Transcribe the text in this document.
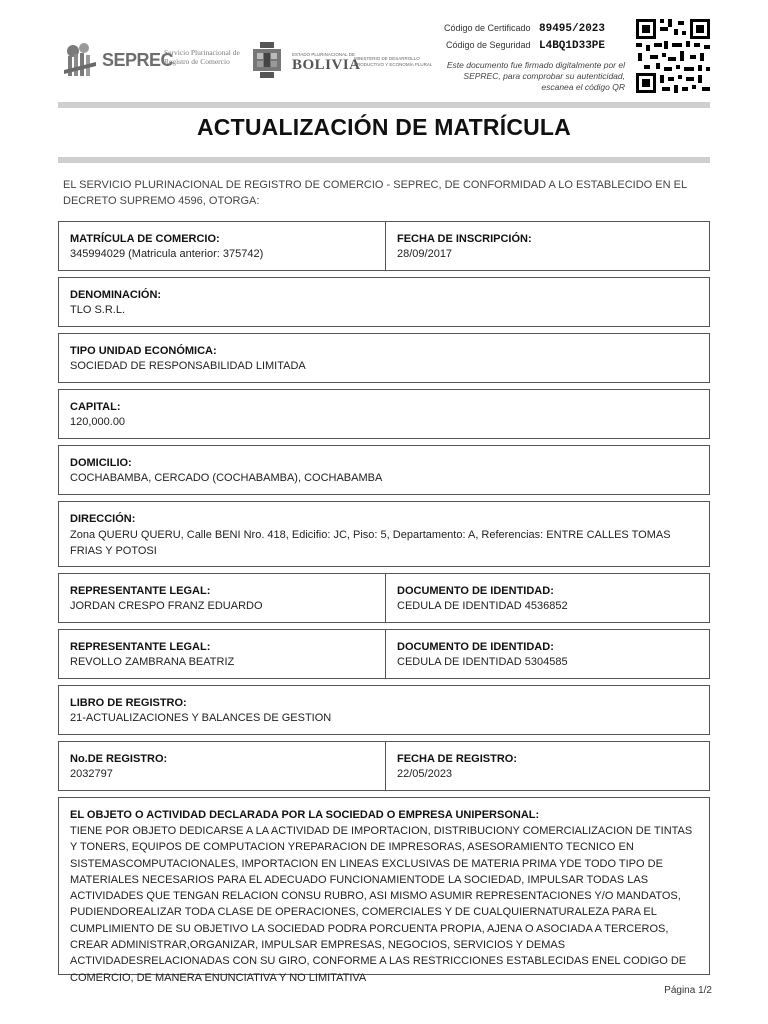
SEPREC
Servicio Plurinacional de Registro de Comercio
ESTADO PLURINACIONAL DE
BOLIVIA
MINISTERIO DE DESARROLLO PRODUCTIVO Y ECONOMÍA PLURAL
Código de Certificado 89495/2023
Código de Seguridad L4BQ1D33PE
Este documento fue firmado digitalmente por el SEPREC, para comprobar su autenticidad, escanea el código QR
ACTUALIZACIÓN DE MATRÍCULA
EL SERVICIO PLURINACIONAL DE REGISTRO DE COMERCIO - SEPREC, DE CONFORMIDAD A LO ESTABLECIDO EN EL DECRETO SUPREMO 4596, OTORGA:
MATRÍCULA DE COMERCIO:
345994029 (Matricula anterior: 375742)
FECHA DE INSCRIPCIÓN:
28/09/2017
DENOMINACIÓN:
TLO S.R.L.
TIPO UNIDAD ECONÓMICA:
SOCIEDAD DE RESPONSABILIDAD LIMITADA
CAPITAL:
120,000.00
DOMICILIO:
COCHABAMBA, CERCADO (COCHABAMBA), COCHABAMBA
DIRECCIÓN:
Zona QUERU QUERU, Calle BENI Nro. 418, Edicifio: JC, Piso: 5, Departamento: A, Referencias: ENTRE CALLES TOMAS FRIAS Y POTOSI
REPRESENTANTE LEGAL:
JORDAN CRESPO FRANZ EDUARDO
DOCUMENTO DE IDENTIDAD:
CEDULA DE IDENTIDAD 4536852
REPRESENTANTE LEGAL:
REVOLLO ZAMBRANA BEATRIZ
DOCUMENTO DE IDENTIDAD:
CEDULA DE IDENTIDAD 5304585
LIBRO DE REGISTRO:
21-ACTUALIZACIONES Y BALANCES DE GESTION
No.DE REGISTRO:
2032797
FECHA DE REGISTRO:
22/05/2023
EL OBJETO O ACTIVIDAD DECLARADA POR LA SOCIEDAD O EMPRESA UNIPERSONAL:
TIENE POR OBJETO DEDICARSE A LA ACTIVIDAD DE IMPORTACION, DISTRIBUCIONY COMERCIALIZACION DE TINTAS Y TONERS, EQUIPOS DE COMPUTACION YREPARACION DE IMPRESORAS, ASESORAMIENTO TECNICO EN SISTEMASCOMPUTACIONALES, IMPORTACION EN LINEAS EXCLUSIVAS DE MATERIA PRIMA YDE TODO TIPO DE MATERIALES NECESARIOS PARA EL ADECUADO FUNCIONAMIENTODE LA SOCIEDAD, IMPULSAR TODAS LAS ACTIVIDADES QUE TENGAN RELACION CONSU RUBRO, ASI MISMO ASUMIR REPRESENTACIONES Y/O MANDATOS, PUDIENDOREALIZAR TODA CLASE DE OPERACIONES, COMERCIALES Y DE CUALQUIERNATURALEZA PARA EL CUMPLIMIENTO DE SU OBJETIVO LA SOCIEDAD PODRA PORCUENTA PROPIA, AJENA O ASOCIADA A TERCEROS, CREAR ADMINISTRAR,ORGANIZAR, IMPULSAR EMPRESAS, NEGOCIOS, SERVICIOS Y DEMAS ACTIVIDADESRELACIONADAS CON SU GIRO, CONFORME A LAS RESTRICCIONES ESTABLECIDAS ENEL CODIGO DE COMERCIO, DE MANERA ENUNCIATIVA Y NO LIMITATIVA
Página 1/2
